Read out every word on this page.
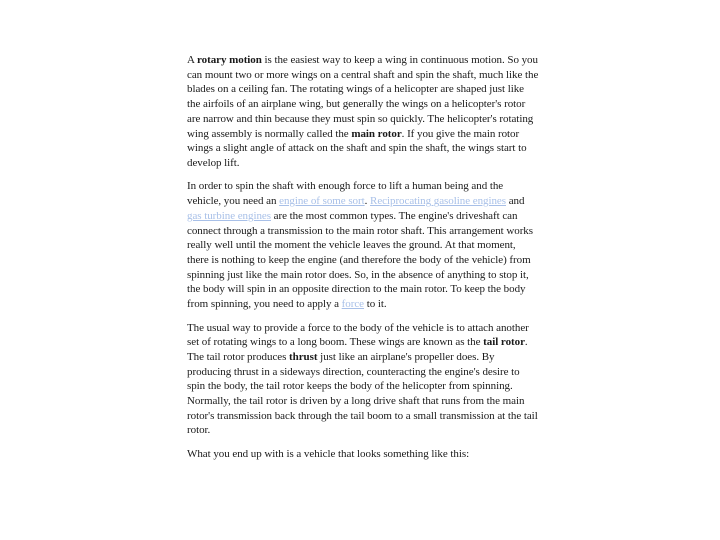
A rotary motion is the easiest way to keep a wing in continuous motion. So you can mount two or more wings on a central shaft and spin the shaft, much like the blades on a ceiling fan. The rotating wings of a helicopter are shaped just like the airfoils of an airplane wing, but generally the wings on a helicopter's rotor are narrow and thin because they must spin so quickly. The helicopter's rotating wing assembly is normally called the main rotor. If you give the main rotor wings a slight angle of attack on the shaft and spin the shaft, the wings start to develop lift.

In order to spin the shaft with enough force to lift a human being and the vehicle, you need an engine of some sort. Reciprocating gasoline engines and gas turbine engines are the most common types. The engine's driveshaft can connect through a transmission to the main rotor shaft. This arrangement works really well until the moment the vehicle leaves the ground. At that moment, there is nothing to keep the engine (and therefore the body of the vehicle) from spinning just like the main rotor does. So, in the absence of anything to stop it, the body will spin in an opposite direction to the main rotor. To keep the body from spinning, you need to apply a force to it.

The usual way to provide a force to the body of the vehicle is to attach another set of rotating wings to a long boom. These wings are known as the tail rotor. The tail rotor produces thrust just like an airplane's propeller does. By producing thrust in a sideways direction, counteracting the engine's desire to spin the body, the tail rotor keeps the body of the helicopter from spinning. Normally, the tail rotor is driven by a long drive shaft that runs from the main rotor's transmission back through the tail boom to a small transmission at the tail rotor.

What you end up with is a vehicle that looks something like this:
